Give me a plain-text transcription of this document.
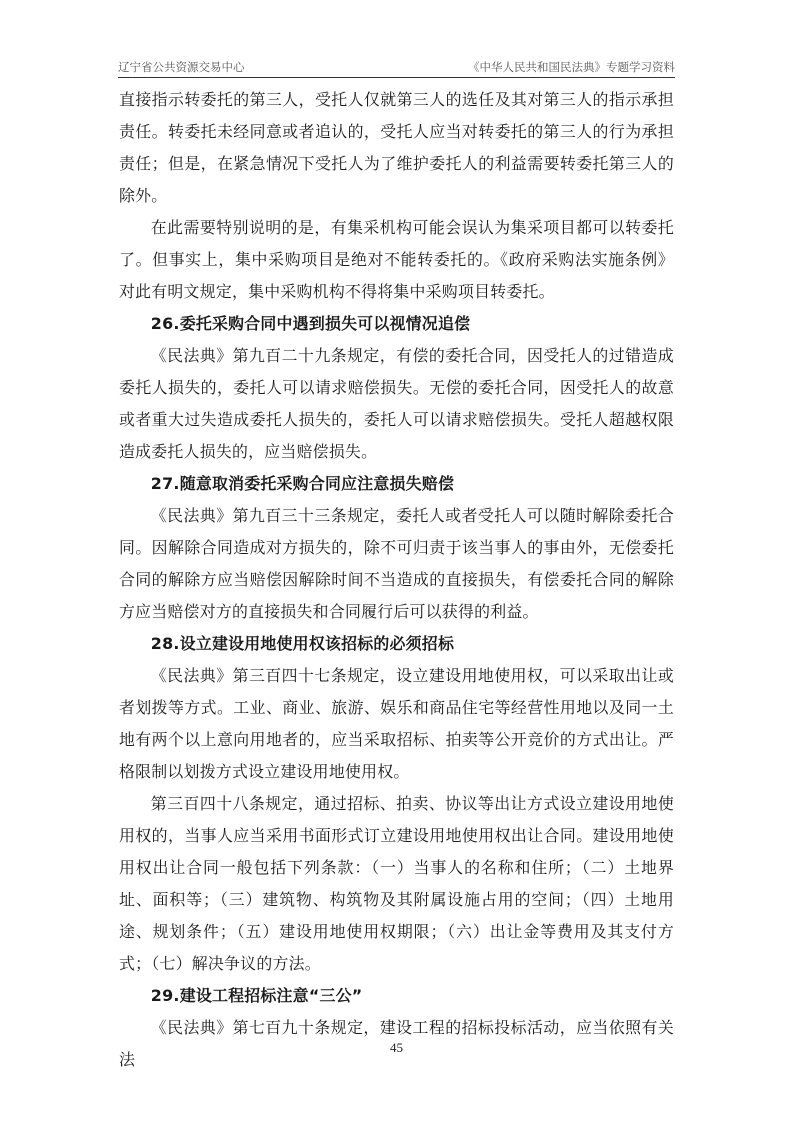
辽宁省公共资源交易中心	《中华人民共和国民法典》专题学习资料

直接指示转委托的第三人，受托人仅就第三人的选任及其对第三人的指示承担责任。转委托未经同意或者追认的，受托人应当对转委托的第三人的行为承担责任；但是，在紧急情况下受托人为了维护委托人的利益需要转委托第三人的除外。

在此需要特别说明的是，有集采机构可能会误认为集采项目都可以转委托了。但事实上，集中采购项目是绝对不能转委托的。《政府采购法实施条例》对此有明文规定，集中采购机构不得将集中采购项目转委托。

26.委托采购合同中遇到损失可以视情况追偿

《民法典》第九百二十九条规定，有偿的委托合同，因受托人的过错造成委托人损失的，委托人可以请求赔偿损失。无偿的委托合同，因受托人的故意或者重大过失造成委托人损失的，委托人可以请求赔偿损失。受托人超越权限造成委托人损失的，应当赔偿损失。

27.随意取消委托采购合同应注意损失赔偿

《民法典》第九百三十三条规定，委托人或者受托人可以随时解除委托合同。因解除合同造成对方损失的，除不可归责于该当事人的事由外，无偿委托合同的解除方应当赔偿因解除时间不当造成的直接损失，有偿委托合同的解除方应当赔偿对方的直接损失和合同履行后可以获得的利益。

28.设立建设用地使用权该招标的必须招标

《民法典》第三百四十七条规定，设立建设用地使用权，可以采取出让或者划拨等方式。工业、商业、旅游、娱乐和商品住宅等经营性用地以及同一土地有两个以上意向用地者的，应当采取招标、拍卖等公开竞价的方式出让。严格限制以划拨方式设立建设用地使用权。

第三百四十八条规定，通过招标、拍卖、协议等出让方式设立建设用地使用权的，当事人应当采用书面形式订立建设用地使用权出让合同。建设用地使用权出让合同一般包括下列条款：（一）当事人的名称和住所；（二）土地界址、面积等；（三）建筑物、构筑物及其附属设施占用的空间；（四）土地用途、规划条件；（五）建设用地使用权期限；（六）出让金等费用及其支付方式；（七）解决争议的方法。

29.建设工程招标注意“三公”

《民法典》第七百九十条规定，建设工程的招标投标活动，应当依照有关法

45
